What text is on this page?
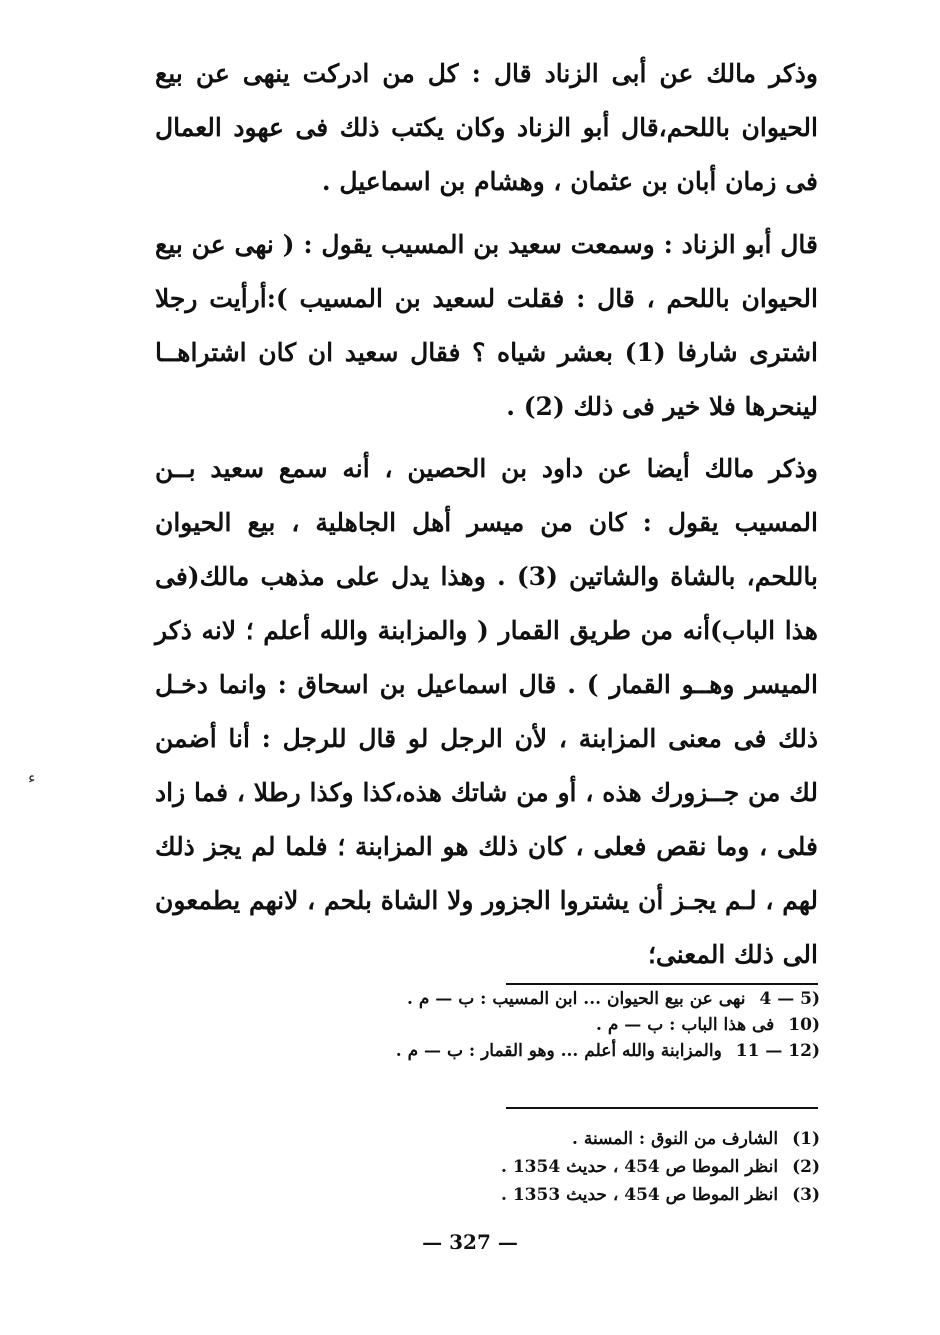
وذكر مالك عن أبى الزناد قال : كل من ادركت ينهى عن بيع الحيوان باللحم،قال أبو الزناد وكان يكتب ذلك فى عهود العمال فى زمان أبان بن عثمان ، وهشام بن اسماعيل .

قال أبو الزناد : وسمعت سعيد بن المسيب يقول : ( نهى عن بيع الحيوان باللحم ، قال : فقلت لسعيد بن المسيب ):أرأيت رجلا اشترى شارفا (1) بعشر شياه ؟ فقال سعيد ان كان اشتراهــا لينحرها فلا خير فى ذلك (2) .

وذكر مالك أيضا عن داود بن الحصين ، أنه سمع سعيد بــن المسيب يقول : كان من ميسر أهل الجاهلية ، بيع الحيوان باللحم، بالشاة والشاتين (3) . وهذا يدل على مذهب مالك(فى هذا الباب)أنه من طريق القمار ( والمزابنة والله أعلم ؛ لانه ذكر الميسر وهــو القمار ) . قال اسماعيل بن اسحاق : وانما دخـل ذلك فى معنى المزابنة ، لأن الرجل لو قال للرجل : أنا أضمن لك من جــزورك هذه ، أو من شاتك هذه،كذا وكذا رطلا ، فما زاد فلى ، وما نقص فعلى ، كان ذلك هو المزابنة ؛ فلما لم يجز ذلك لهم ، لـم يجـز أن يشتروا الجزور ولا الشاة بلحم ، لانهم يطمعون الى ذلك المعنى؛

ء
4 — 5)نهى عن بيع الحيوان ... ابن المسيب : ب — م .
10)فى هذا الباب : ب — م .
11 — 12)والمزابنة والله أعلم ... وهو القمار : ب — م .
(1)الشارف من النوق : المسنة .
(2)انظر الموطا ص 454 ، حديث 1354 .
(3)انظر الموطا ص 454 ، حديث 1353 .
— 327 —
